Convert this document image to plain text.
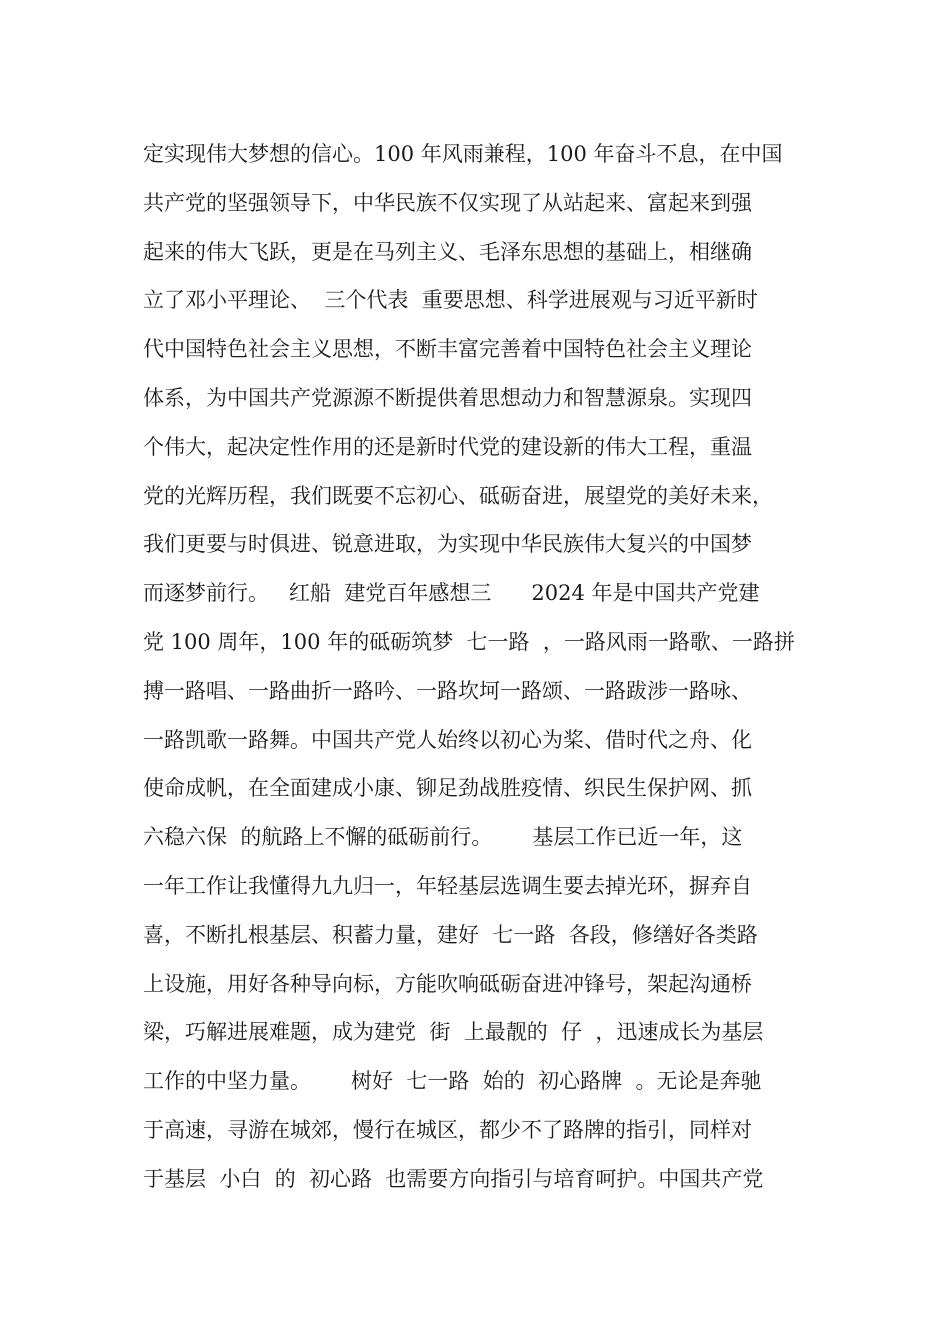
定实现伟大梦想的信心。100 年风雨兼程，100 年奋斗不息，在中国
共产党的坚强领导下，中华民族不仅实现了从站起来、富起来到强
起来的伟大飞跃，更是在马列主义、毛泽东思想的基础上，相继确
立了邓小平理论、  三个代表  重要思想、科学进展观与习近平新时
代中国特色社会主义思想，不断丰富完善着中国特色社会主义理论
体系，为中国共产党源源不断提供着思想动力和智慧源泉。实现四
个伟大，起决定性作用的还是新时代党的建设新的伟大工程，重温
党的光辉历程，我们既要不忘初心、砥砺奋进，展望党的美好未来，
我们更要与时俱进、锐意进取，为实现中华民族伟大复兴的中国梦
而逐梦前行。   红船  建党百年感想三      2024 年是中国共产党建
党 100 周年，100 年的砥砺筑梦  七一路  ，一路风雨一路歌、一路拼
搏一路唱、一路曲折一路吟、一路坎坷一路颂、一路跋涉一路咏、
一路凯歌一路舞。中国共产党人始终以初心为桨、借时代之舟、化
使命成帆，在全面建成小康、铆足劲战胜疫情、织民生保护网、抓
六稳六保  的航路上不懈的砥砺前行。      基层工作已近一年，这
一年工作让我懂得九九归一，年轻基层选调生要去掉光环，摒弃自
喜，不断扎根基层、积蓄力量，建好  七一路  各段，修缮好各类路
上设施，用好各种导向标，方能吹响砥砺奋进冲锋号，架起沟通桥
梁，巧解进展难题，成为建党  街  上最靓的  仔  ，迅速成长为基层
工作的中坚力量。      树好  七一路  始的  初心路牌  。无论是奔驰
于高速，寻游在城郊，慢行在城区，都少不了路牌的指引，同样对
于基层  小白  的  初心路  也需要方向指引与培育呵护。中国共产党
